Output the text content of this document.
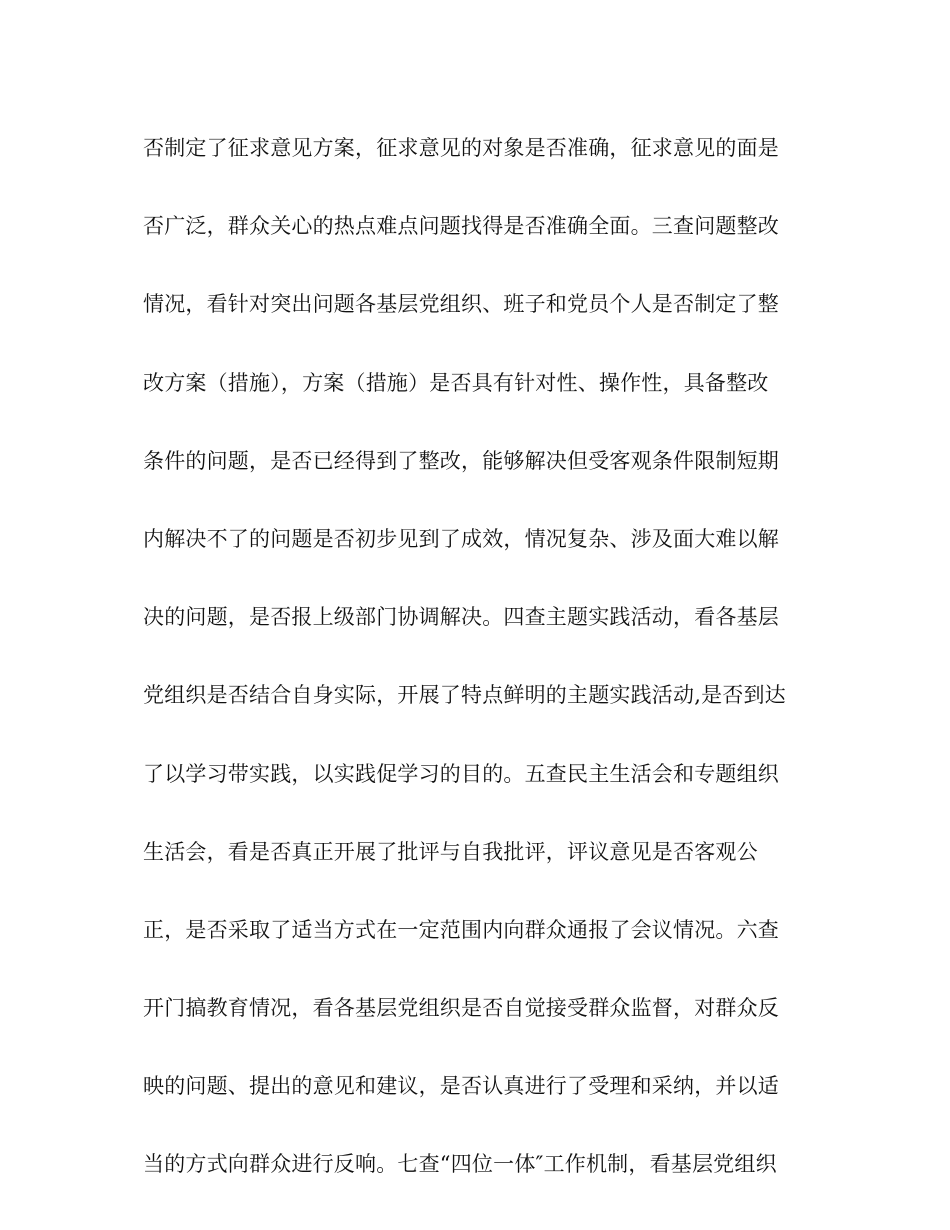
否制定了征求意见方案，征求意见的对象是否准确，征求意见的面是
否广泛，群众关心的热点难点问题找得是否准确全面。三查问题整改
情况，看针对突出问题各基层党组织、班子和党员个人是否制定了整
改方案（措施），方案（措施）是否具有针对性、操作性，具备整改
条件的问题，是否已经得到了整改，能够解决但受客观条件限制短期
内解决不了的问题是否初步见到了成效，情况复杂、涉及面大难以解
决的问题，是否报上级部门协调解决。四查主题实践活动，看各基层
党组织是否结合自身实际，开展了特点鲜明的主题实践活动,是否到达
了以学习带实践，以实践促学习的目的。五查民主生活会和专题组织
生活会，看是否真正开展了批评与自我批评，评议意见是否客观公
正，是否采取了适当方式在一定范围内向群众通报了会议情况。六查
开门搞教育情况，看各基层党组织是否自觉接受群众监督，对群众反
映的问题、提出的意见和建议，是否认真进行了受理和采纳，并以适
当的方式向群众进行反响。七查“四位一体″工作机制，看基层党组织
